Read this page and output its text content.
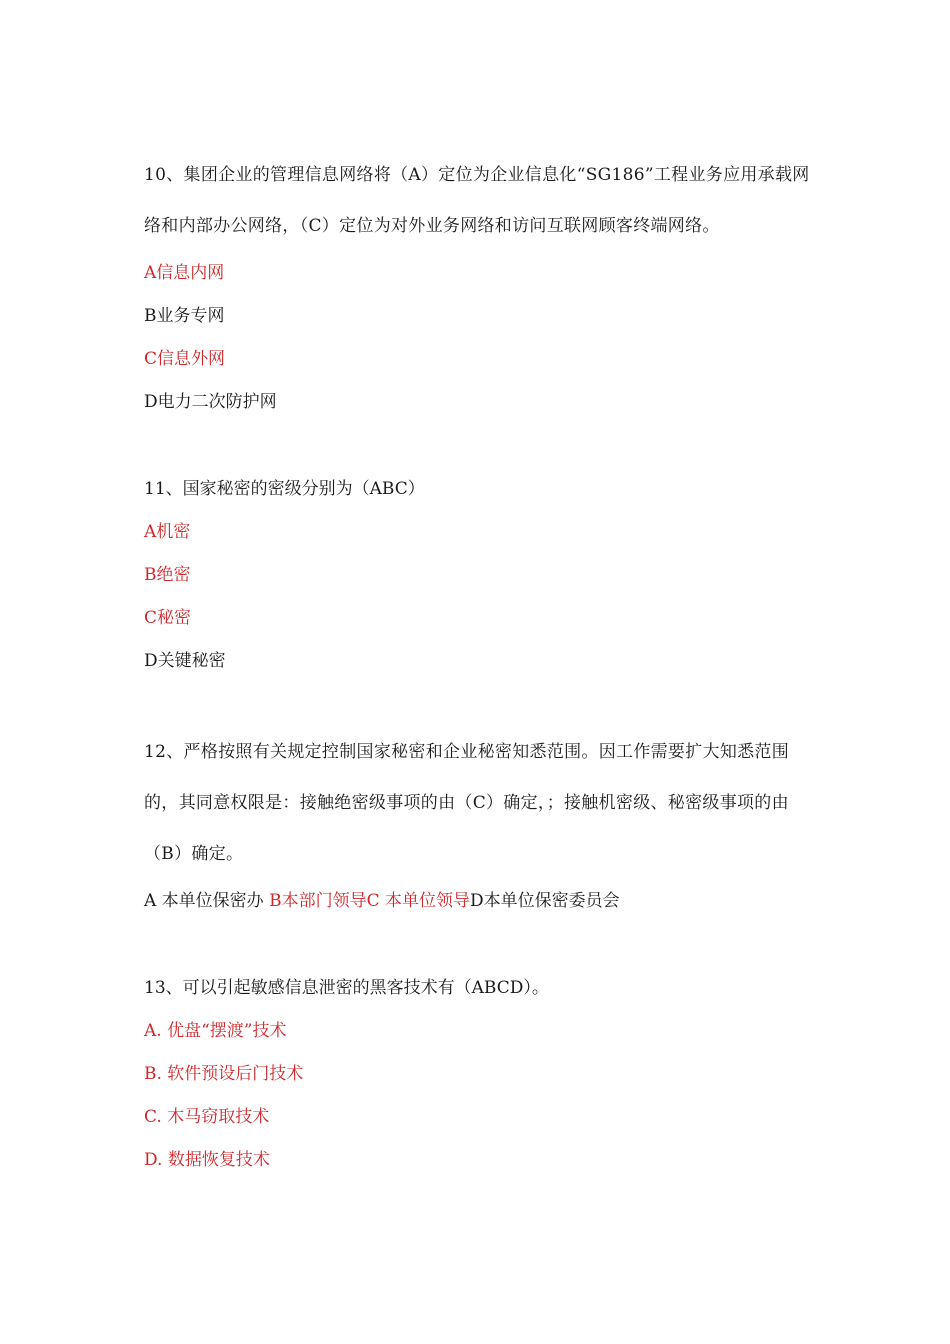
10、集团企业的管理信息网络将（A）定位为企业信息化“SG186”工程业务应用承载网络和内部办公网络，（C）定位为对外业务网络和访问互联网顾客终端网络。

A信息内网

B业务专网

C信息外网

D电力二次防护网

11、国家秘密的密级分别为（ABC）

A机密

B绝密

C秘密

D关键秘密

12、严格按照有关规定控制国家秘密和企业秘密知悉范围。因工作需要扩大知悉范围的，其同意权限是：接触绝密级事项的由（C）确定，；接触机密级、秘密级事项的由（B）确定。

A 本单位保密办 B本部门领导C 本单位领导D本单位保密委员会

13、可以引起敏感信息泄密的黑客技术有（ABCD）。

A. 优盘“摆渡”技术

B. 软件预设后门技术

C. 木马窃取技术

D. 数据恢复技术
